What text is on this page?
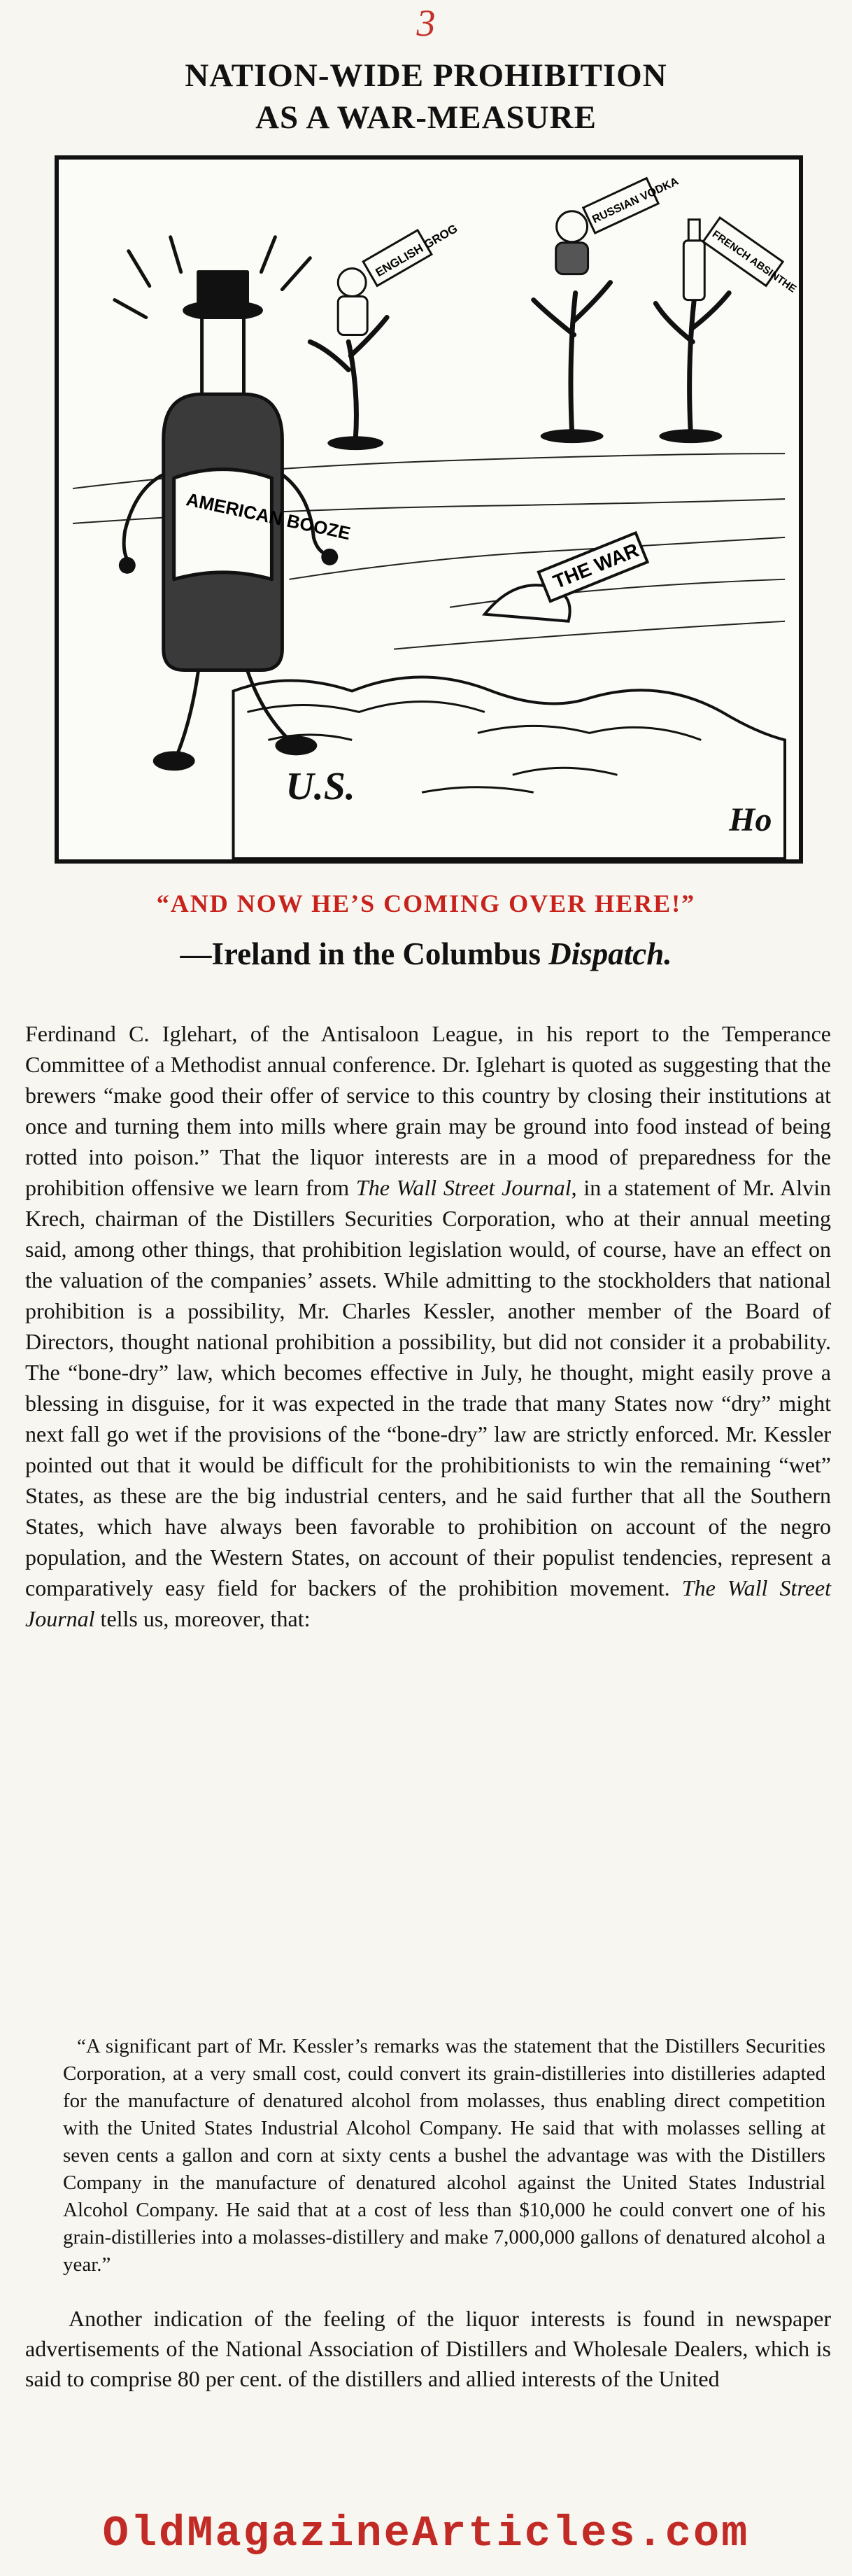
3
NATION-WIDE PROHIBITION
AS A WAR-MEASURE
U.S.
ENGLISH GROG
RUSSIAN VODKA
FRENCH ABSINTHE
THE WAR
AMERICAN BOOZE
Ho
“AND NOW HE’S COMING OVER HERE!”
—Ireland in the Columbus Dispatch.

Ferdinand C. Iglehart, of the Antisaloon League, in his report to the Temperance Committee of a Methodist annual conference. Dr. Iglehart is quoted as suggesting that the brewers “make good their offer of service to this country by closing their institutions at once and turning them into mills where grain may be ground into food instead of being rotted into poison.” That the liquor interests are in a mood of preparedness for the prohibition offensive we learn from The Wall Street Journal, in a statement of Mr. Alvin Krech, chairman of the Distillers Securities Corporation, who at their annual meeting said, among other things, that prohibition legislation would, of course, have an effect on the valuation of the companies’ assets. While admitting to the stockholders that national prohibition is a possibility, Mr. Charles Kessler, another member of the Board of Directors, thought national prohibition a possibility, but did not consider it a probability. The “bone-dry” law, which becomes effective in July, he thought, might easily prove a blessing in disguise, for it was expected in the trade that many States now “dry” might next fall go wet if the provisions of the “bone-dry” law are strictly enforced. Mr. Kessler pointed out that it would be difficult for the prohibitionists to win the remaining “wet” States, as these are the big industrial centers, and he said further that all the Southern States, which have always been favorable to prohibition on account of the negro population, and the Western States, on account of their populist tendencies, represent a comparatively easy field for backers of the prohibition movement. The Wall Street Journal tells us, moreover, that:

“A significant part of Mr. Kessler’s remarks was the statement that the Distillers Securities Corporation, at a very small cost, could convert its grain-distilleries into distilleries adapted for the manufacture of denatured alcohol from molasses, thus enabling direct competition with the United States Industrial Alcohol Company. He said that with molasses selling at seven cents a gallon and corn at sixty cents a bushel the advantage was with the Distillers Company in the manufacture of denatured alcohol against the United States Industrial Alcohol Company. He said that at a cost of less than $10,000 he could convert one of his grain-distilleries into a molasses-distillery and make 7,000,000 gallons of denatured alcohol a year.”

Another indication of the feeling of the liquor interests is found in newspaper advertisements of the National Association of Distillers and Wholesale Dealers, which is said to comprise 80 per cent. of the distillers and allied interests of the United
OldMagazineArticles.com
